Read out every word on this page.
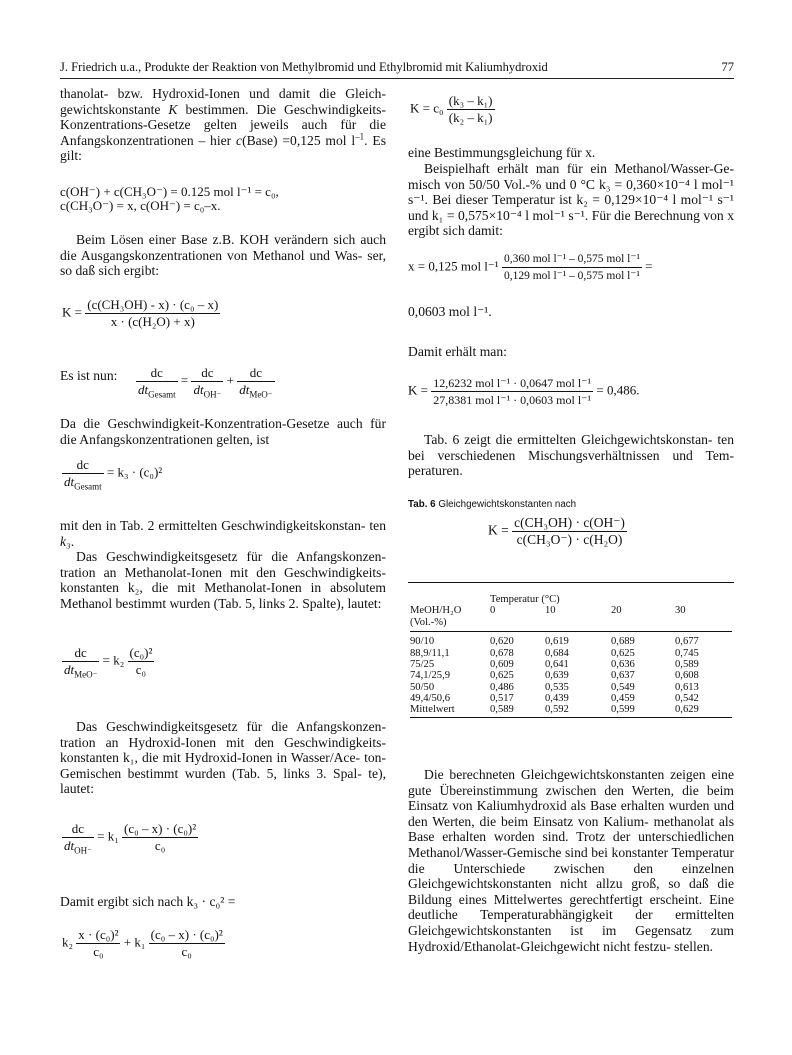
J. Friedrich u.a., Produkte der Reaktion von Methylbromid und Ethylbromid mit Kaliumhydroxid	77

thanolat- bzw. Hydroxid-Ionen und damit die Gleich- gewichtskonstante K bestimmen. Die Geschwindigkeits-Konzentrations-Gesetze gelten jeweils auch für die Anfangskonzentrationen – hier c(Base) =0,125 mol $l^{-1}$. Es gilt:

c(OH⁻) + c(CH₃O⁻) = 0.125 mol l⁻¹ = c₀,
c(CH₃O⁻) = x, c(OH⁻) = c₀–x.

Beim Lösen einer Base z.B. KOH verändern sich auch die Ausgangskonzentrationen von Methanol und Was- ser, so daß sich ergibt:

$K = \frac{\text{(c(CH₃OH) - x) · (c₀ – x)}}{\text{x · (c(H₂O) + x)}}$

Es ist nun: $\frac{dc}{dt_{Gesamt}} = \frac{dc}{dt_{OH^-}} + \frac{dc}{dt_{MeO^-}}$

Da die Geschwindigkeit-Konzentration-Gesetze auch für die Anfangskonzentrationen gelten, ist

$\frac{dc}{dt_{Gesamt}} = k_3 \cdot (c_0)^2$

mit den in Tab. 2 ermittelten Geschwindigkeitskonstan- ten k₃.

Das Geschwindigkeitsgesetz für die Anfangskonzen- tration an Methanolat-Ionen mit den Geschwindigkeits- konstanten k₂, die mit Methanolat-Ionen in absolutem Methanol bestimmt wurden (Tab. 5, links 2. Spalte), lautet:

$\frac{dc}{dt_{MeO^-}} = k_2 \frac{\text{(c₀)²}}{\text{c₀}}$

Das Geschwindigkeitsgesetz für die Anfangskonzen- tration an Hydroxid-Ionen mit den Geschwindigkeits- konstanten k₁, die mit Hydroxid-Ionen in Wasser/Ace- ton-Gemischen bestimmt wurden (Tab. 5, links 3. Spal- te), lautet:

$\frac{dc}{dt_{OH^-}} = k_1 \frac{\text{(c₀ – x) · (c₀)²}}{\text{c₀}}$

Damit ergibt sich nach k₃ · c₀² =

$k_2 \frac{\text{x · (c₀)²}}{\text{c₀}} + k_1 \frac{\text{(c₀ – x) · (c₀)²}}{\text{c₀}}$
$K = c_0 \frac{\text{(k₃ – k₁)}}{\text{(k₂ – k₁)}}$

eine Bestimmungsgleichung für x.

Beispielhaft erhält man für ein Methanol/Wasser-Ge- misch von 50/50 Vol.-% und 0 °C k₃ = 0,360×10⁻⁴ l mol⁻¹ s⁻¹. Bei dieser Temperatur ist k₂ = 0,129×10⁻⁴ l mol⁻¹ s⁻¹ und k₁ = 0,575×10⁻⁴ l mol⁻¹ s⁻¹. Für die Berechnung von x ergibt sich damit:

x = 0,125 mol $l^{-1} \frac{\text{0,360 mol l⁻¹ – 0,575 mol l⁻¹}}{\text{0,129 mol l⁻¹ – 0,575 mol l⁻¹}}$ =

0,0603 mol l⁻¹.

Damit erhält man:

$K = \frac{\text{12,6232 mol l⁻¹ · 0,0647 mol l⁻¹}}{\text{27,8381 mol l⁻¹ · 0,0603 mol l⁻¹}} = 0,486$.

Tab. 6 zeigt die ermittelten Gleichgewichtskonstan- ten bei verschiedenen Mischungsverhältnissen und Tem- peraturen.

Tab. 6 Gleichgewichtskonstanten nach
$K = \frac{\text{c(CH₃OH) · c(OH⁻)}}{\text{c(CH₃O⁻) · c(H₂O)}}$
	Temperatur (°C)			
MeOH/H₂O	0	10	20	30
(Vol.-%)				

90/10	0,620	0,619	0,689	0,677
88,9/11,1	0,678	0,684	0,625	0,745
75/25	0,609	0,641	0,636	0,589
74,1/25,9	0,625	0,639	0,637	0,608
50/50	0,486	0,535	0,549	0,613
49,4/50,6	0,517	0,439	0,459	0,542
Mittelwert	0,589	0,592	0,599	0,629

Die berechneten Gleichgewichtskonstanten zeigen eine gute Übereinstimmung zwischen den Werten, die beim Einsatz von Kaliumhydroxid als Base erhalten wurden und den Werten, die beim Einsatz von Kalium- methanolat als Base erhalten worden sind. Trotz der unterschiedlichen Methanol/Wasser-Gemische sind bei konstanter Temperatur die Unterschiede zwischen den einzelnen Gleichgewichtskonstanten nicht allzu groß, so daß die Bildung eines Mittelwertes gerechtfertigt erscheint. Eine deutliche Temperaturabhängigkeit der ermittelten Gleichgewichtskonstanten ist im Gegensatz zum Hydroxid/Ethanolat-Gleichgewicht nicht festzu- stellen.
